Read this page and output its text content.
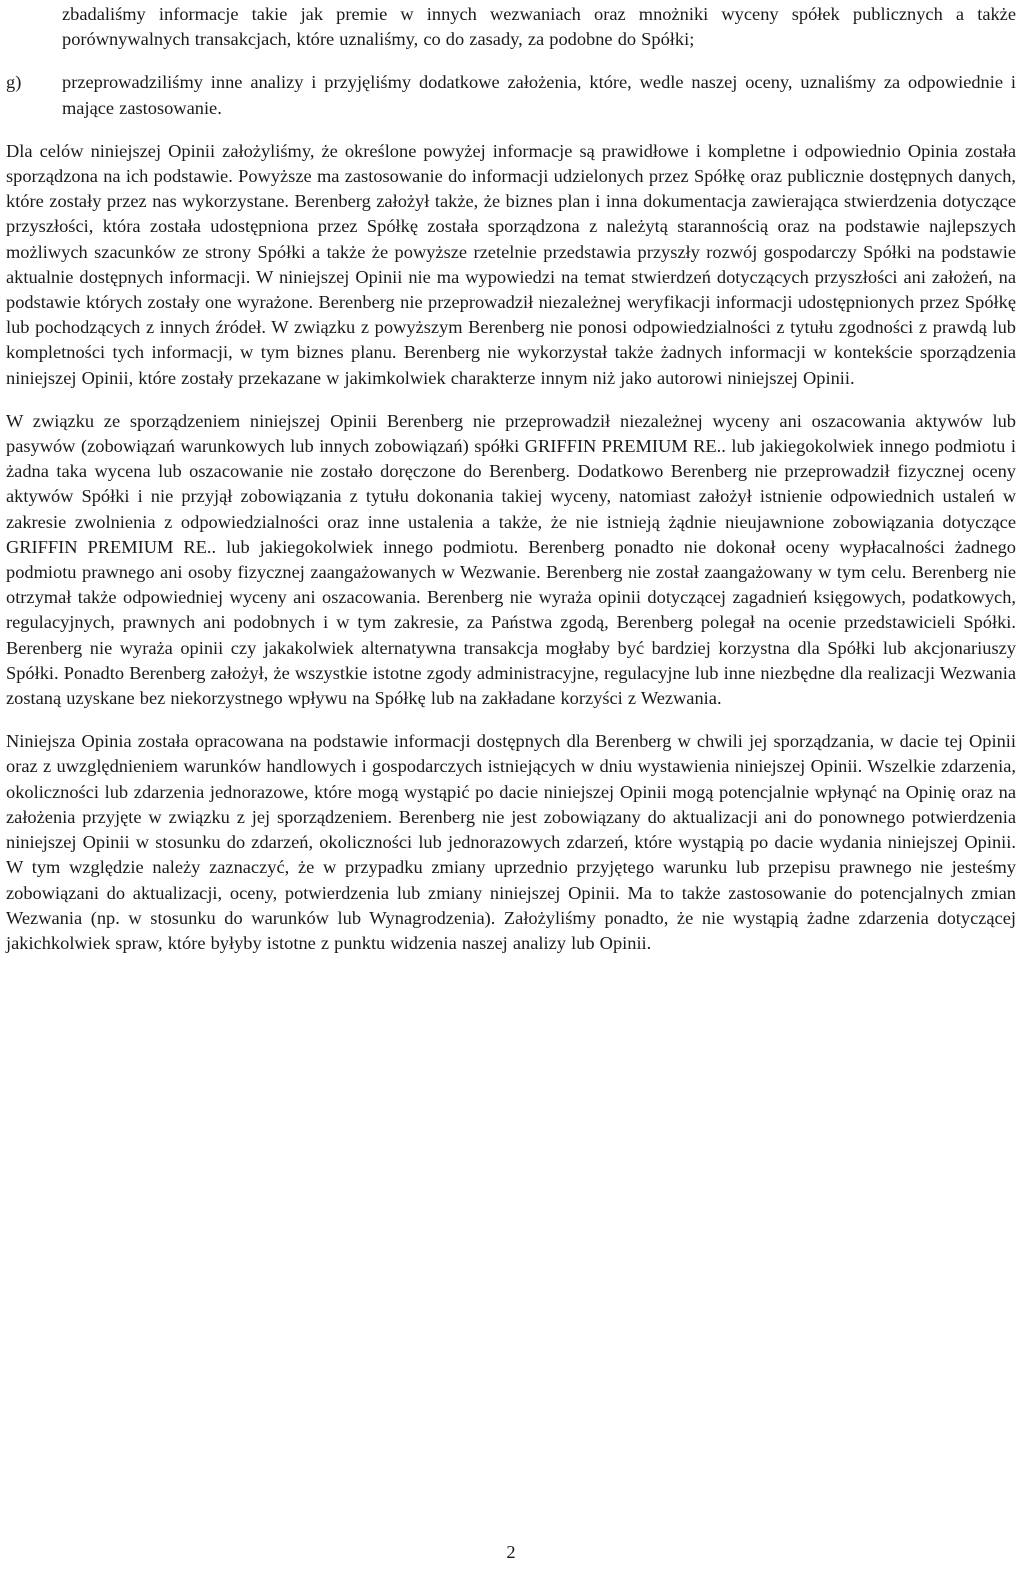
zbadaliśmy informacje takie jak premie w innych wezwaniach oraz mnożniki wyceny spółek publicznych a także porównywalnych transakcjach, które uznaliśmy, co do zasady, za podobne do Spółki;

g) przeprowadziliśmy inne analizy i przyjęliśmy dodatkowe założenia, które, wedle naszej oceny, uznaliśmy za odpowiednie i mające zastosowanie.

Dla celów niniejszej Opinii założyliśmy, że określone powyżej informacje są prawidłowe i kompletne i odpowiednio Opinia została sporządzona na ich podstawie. Powyższe ma zastosowanie do informacji udzielonych przez Spółkę oraz publicznie dostępnych danych, które zostały przez nas wykorzystane. Berenberg założył także, że biznes plan i inna dokumentacja zawierająca stwierdzenia dotyczące przyszłości, która została udostępniona przez Spółkę została sporządzona z należytą starannością oraz na podstawie najlepszych możliwych szacunków ze strony Spółki a także że powyższe rzetelnie przedstawia przyszły rozwój gospodarczy Spółki na podstawie aktualnie dostępnych informacji. W niniejszej Opinii nie ma wypowiedzi na temat stwierdzeń dotyczących przyszłości ani założeń, na podstawie których zostały one wyrażone. Berenberg nie przeprowadził niezależnej weryfikacji informacji udostępnionych przez Spółkę lub pochodzących z innych źródeł. W związku z powyższym Berenberg nie ponosi odpowiedzialności z tytułu zgodności z prawdą lub kompletności tych informacji, w tym biznes planu. Berenberg nie wykorzystał także żadnych informacji w kontekście sporządzenia niniejszej Opinii, które zostały przekazane w jakimkolwiek charakterze innym niż jako autorowi niniejszej Opinii.

W związku ze sporządzeniem niniejszej Opinii Berenberg nie przeprowadził niezależnej wyceny ani oszacowania aktywów lub pasywów (zobowiązań warunkowych lub innych zobowiązań) spółki GRIFFIN PREMIUM RE.. lub jakiegokolwiek innego podmiotu i żadna taka wycena lub oszacowanie nie zostało doręczone do Berenberg. Dodatkowo Berenberg nie przeprowadził fizycznej oceny aktywów Spółki i nie przyjął zobowiązania z tytułu dokonania takiej wyceny, natomiast założył istnienie odpowiednich ustaleń w zakresie zwolnienia z odpowiedzialności oraz inne ustalenia a także, że nie istnieją żądnie nieujawnione zobowiązania dotyczące GRIFFIN PREMIUM RE.. lub jakiegokolwiek innego podmiotu. Berenberg ponadto nie dokonał oceny wypłacalności żadnego podmiotu prawnego ani osoby fizycznej zaangażowanych w Wezwanie. Berenberg nie został zaangażowany w tym celu. Berenberg nie otrzymał także odpowiedniej wyceny ani oszacowania. Berenberg nie wyraża opinii dotyczącej zagadnień księgowych, podatkowych, regulacyjnych, prawnych ani podobnych i w tym zakresie, za Państwa zgodą, Berenberg polegał na ocenie przedstawicieli Spółki. Berenberg nie wyraża opinii czy jakakolwiek alternatywna transakcja mogłaby być bardziej korzystna dla Spółki lub akcjonariuszy Spółki. Ponadto Berenberg założył, że wszystkie istotne zgody administracyjne, regulacyjne lub inne niezbędne dla realizacji Wezwania zostaną uzyskane bez niekorzystnego wpływu na Spółkę lub na zakładane korzyści z Wezwania.

Niniejsza Opinia została opracowana na podstawie informacji dostępnych dla Berenberg w chwili jej sporządzania, w dacie tej Opinii oraz z uwzględnieniem warunków handlowych i gospodarczych istniejących w dniu wystawienia niniejszej Opinii. Wszelkie zdarzenia, okoliczności lub zdarzenia jednorazowe, które mogą wystąpić po dacie niniejszej Opinii mogą potencjalnie wpłynąć na Opinię oraz na założenia przyjęte w związku z jej sporządzeniem. Berenberg nie jest zobowiązany do aktualizacji ani do ponownego potwierdzenia niniejszej Opinii w stosunku do zdarzeń, okoliczności lub jednorazowych zdarzeń, które wystąpią po dacie wydania niniejszej Opinii. W tym względzie należy zaznaczyć, że w przypadku zmiany uprzednio przyjętego warunku lub przepisu prawnego nie jesteśmy zobowiązani do aktualizacji, oceny, potwierdzenia lub zmiany niniejszej Opinii. Ma to także zastosowanie do potencjalnych zmian Wezwania (np. w stosunku do warunków lub Wynagrodzenia). Założyliśmy ponadto, że nie wystąpią żadne zdarzenia dotyczącej jakichkolwiek spraw, które byłyby istotne z punktu widzenia naszej analizy lub Opinii.

2
